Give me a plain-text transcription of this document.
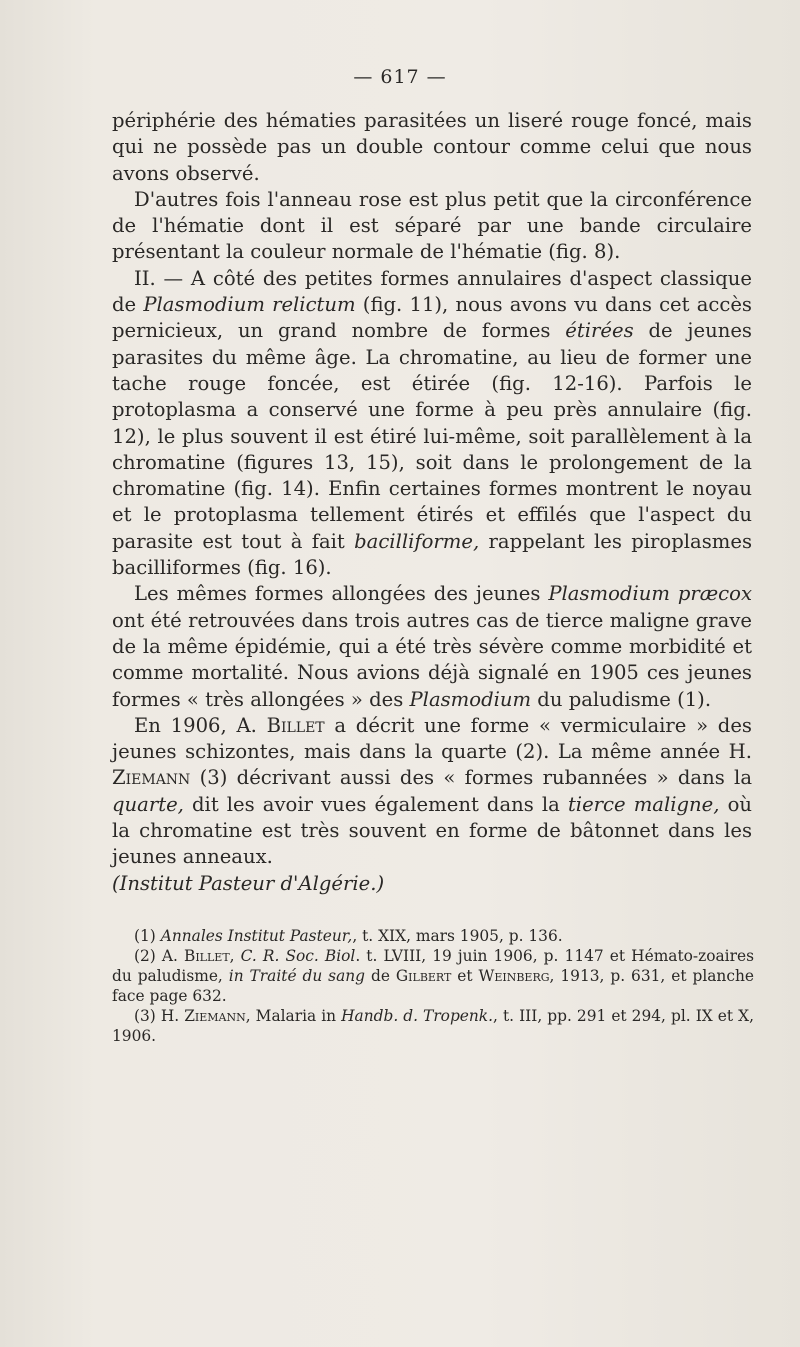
— 617 —

périphérie des hématies parasitées un liseré rouge foncé, mais qui ne possède pas un double contour comme celui que nous avons observé.

D'autres fois l'anneau rose est plus petit que la circonférence de l'hématie dont il est séparé par une bande circulaire présentant la couleur normale de l'hématie (fig. 8).

II. — A côté des petites formes annulaires d'aspect classique de Plasmodium relictum (fig. 11), nous avons vu dans cet accès pernicieux, un grand nombre de formes étirées de jeunes parasites du même âge. La chromatine, au lieu de former une tache rouge foncée, est étirée (fig. 12-16). Parfois le protoplasma a conservé une forme à peu près annulaire (fig. 12), le plus souvent il est étiré lui-même, soit parallèlement à la chromatine (figures 13, 15), soit dans le prolongement de la chromatine (fig. 14). Enfin certaines formes montrent le noyau et le protoplasma tellement étirés et effilés que l'aspect du parasite est tout à fait bacilliforme, rappelant les piroplasmes bacilliformes (fig. 16).

Les mêmes formes allongées des jeunes Plasmodium præcox ont été retrouvées dans trois autres cas de tierce maligne grave de la même épidémie, qui a été très sévère comme morbidité et comme mortalité. Nous avions déjà signalé en 1905 ces jeunes formes « très allongées » des Plasmodium du paludisme (1).

En 1906, A. Billet a décrit une forme « vermiculaire » des jeunes schizontes, mais dans la quarte (2). La même année H. Ziemann (3) décrivant aussi des « formes rubannées » dans la quarte, dit les avoir vues également dans la tierce maligne, où la chromatine est très souvent en forme de bâtonnet dans les jeunes anneaux.

(Institut Pasteur d'Algérie.)

(1) Annales Institut Pasteur,, t. XIX, mars 1905, p. 136.

(2) A. Billet, C. R. Soc. Biol. t. LVIII, 19 juin 1906, p. 1147 et Hémato-zoaires du paludisme, in Traité du sang de Gilbert et Weinberg, 1913, p. 631, et planche face page 632.

(3) H. Ziemann, Malaria in Handb. d. Tropenk., t. III, pp. 291 et 294, pl. IX et X, 1906.
